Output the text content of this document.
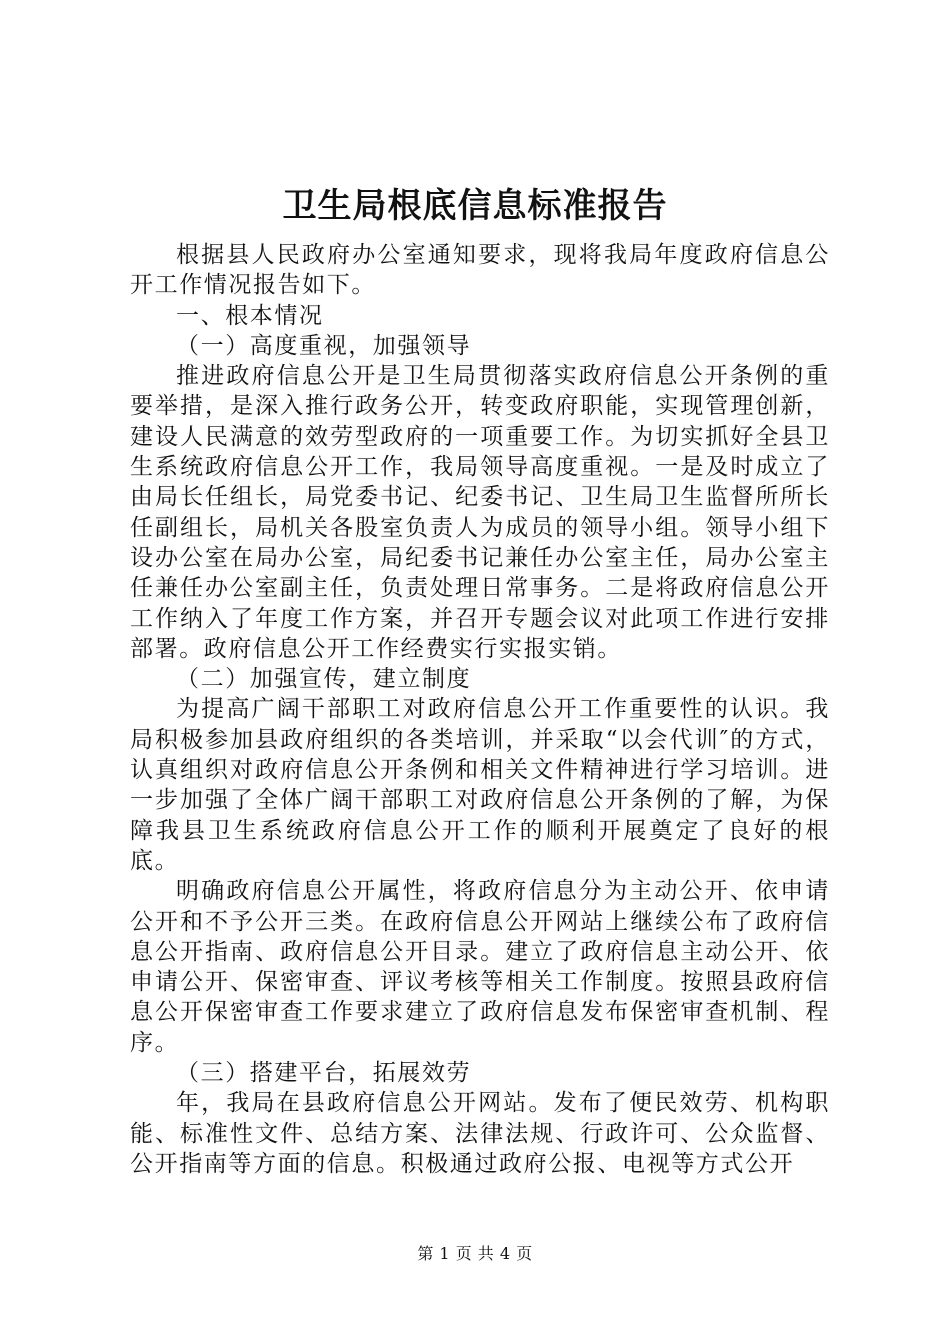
卫生局根底信息标准报告

根据县人民政府办公室通知要求，现将我局年度政府信息公开工作情况报告如下。

一、根本情况

（一）高度重视，加强领导

推进政府信息公开是卫生局贯彻落实政府信息公开条例的重要举措，是深入推行政务公开，转变政府职能，实现管理创新，建设人民满意的效劳型政府的一项重要工作。为切实抓好全县卫生系统政府信息公开工作，我局领导高度重视。一是及时成立了由局长任组长，局党委书记、纪委书记、卫生局卫生监督所所长任副组长，局机关各股室负责人为成员的领导小组。领导小组下设办公室在局办公室，局纪委书记兼任办公室主任，局办公室主任兼任办公室副主任，负责处理日常事务。二是将政府信息公开工作纳入了年度工作方案，并召开专题会议对此项工作进行安排部署。政府信息公开工作经费实行实报实销。

（二）加强宣传，建立制度

为提高广阔干部职工对政府信息公开工作重要性的认识。我局积极参加县政府组织的各类培训，并采取“以会代训″的方式，认真组织对政府信息公开条例和相关文件精神进行学习培训。进一步加强了全体广阔干部职工对政府信息公开条例的了解，为保障我县卫生系统政府信息公开工作的顺利开展奠定了良好的根底。

明确政府信息公开属性，将政府信息分为主动公开、依申请公开和不予公开三类。在政府信息公开网站上继续公布了政府信息公开指南、政府信息公开目录。建立了政府信息主动公开、依申请公开、保密审查、评议考核等相关工作制度。按照县政府信息公开保密审查工作要求建立了政府信息发布保密审查机制、程序。

（三）搭建平台，拓展效劳

年，我局在县政府信息公开网站。发布了便民效劳、机构职能、标准性文件、总结方案、法律法规、行政许可、公众监督、公开指南等方面的信息。积极通过政府公报、电视等方式公开

第 1 页 共 4 页
